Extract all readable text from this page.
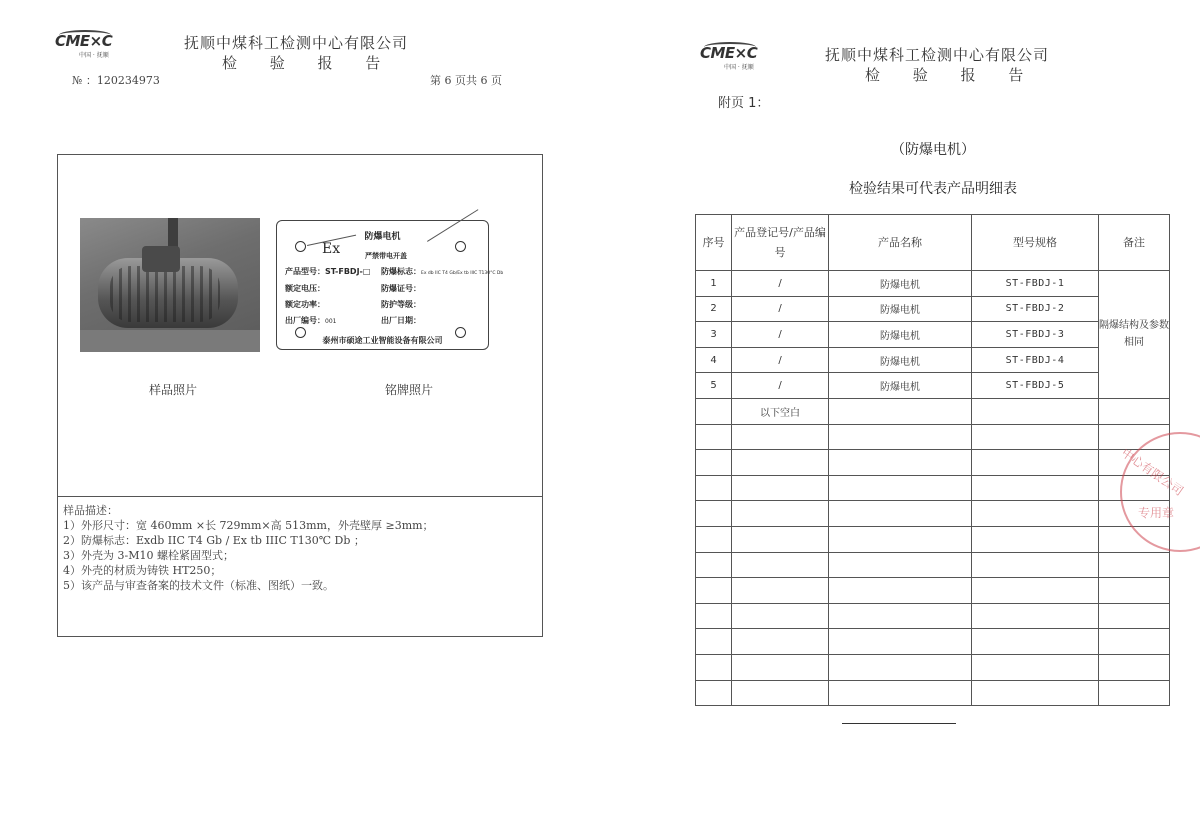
CME×C
中国 · 抚顺
抚顺中煤科工检测中心有限公司
检 验 报 告
№ ：120234973	第 6 页共 6 页
防爆电机
Ex	严禁带电开盖
产品型号：ST-FBDJ-□ 防爆标志：Ex db IIC T4 Gb/Ex tb IIIC T130°C Db
额定电压：	防爆证号：
额定功率：	防护等级：
出厂编号：001	出厂日期：
泰州市硕途工业智能设备有限公司
样品照片	铭牌照片
样品描述：
1）外形尺寸：宽 460mm ×长 729mm×高 513mm，外壳壁厚 ≥3mm；
2）防爆标志：Exdb IIC T4 Gb / Ex tb IIIC T130℃ Db ；
3）外壳为 3-M10 螺栓紧固型式；
4）外壳的材质为铸铁 HT250；
5）该产品与审查备案的技术文件（标准、图纸）一致。
CME×C
中国 · 抚顺
抚顺中煤科工检测中心有限公司
检 验 报 告
附页 1：
（防爆电机）
检验结果可代表产品明细表
序号	产品登记号/产品编号	产品名称	型号规格	备注
1	/	防爆电机	ST-FBDJ-1	隔爆结构及参数相同
2	/	防爆电机	ST-FBDJ-2	
3	/	防爆电机	ST-FBDJ-3	
4	/	防爆电机	ST-FBDJ-4	
5	/	防爆电机	ST-FBDJ-5	
	以下空白			

中心有限公司
专用章
